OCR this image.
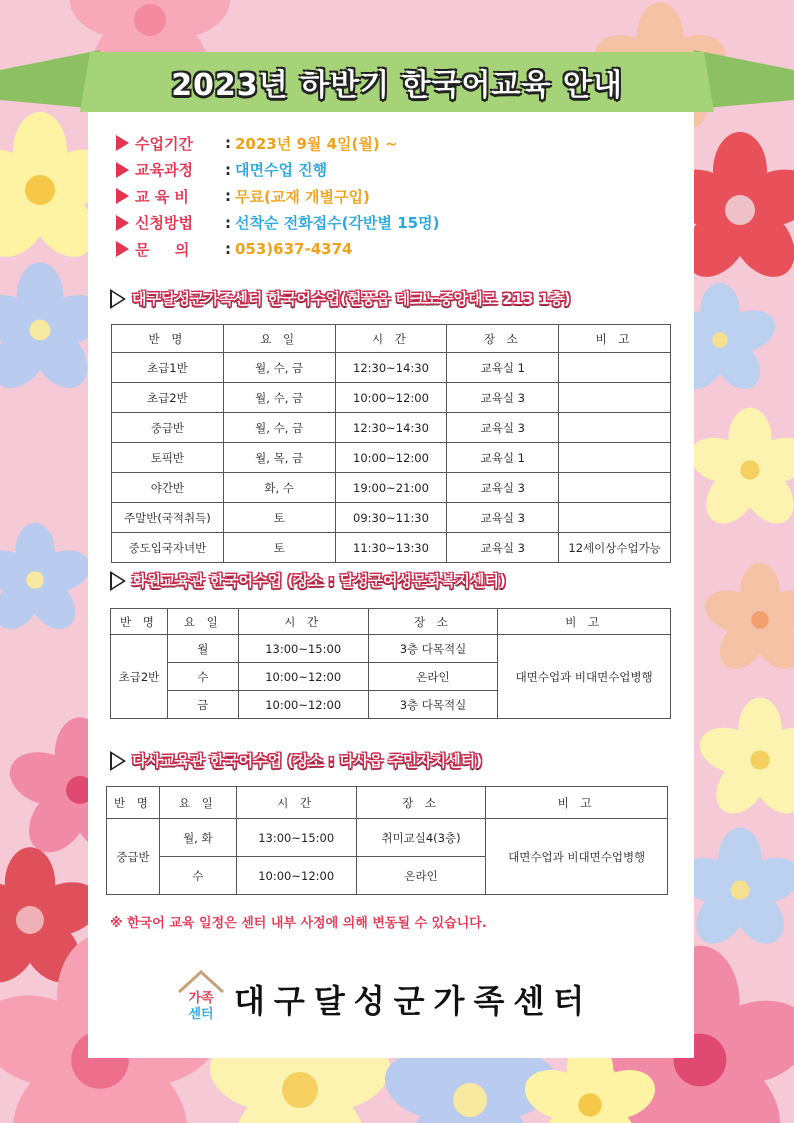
2023년 하반기 한국어교육 안내
수업기간	: 2023년 9월 4일(월) ~
교육과정	: 대면수업 진행
교 육 비	: 무료(교재 개별구입)
신청방법	: 선착순 전화접수(각반별 15명)
문 　 의	: 053)637-4374
대구달성군가족센터 한국어수업(현풍읍 테크노중앙대로 213 1층)
반 명	요 일	시 간	장 소	비 고
초급1반	월, 수, 금	12:30~14:30	교육실 1	
초급2반	월, 수, 금	10:00~12:00	교육실 3	
중급반	월, 수, 금	12:30~14:30	교육실 3	
토픽반	월, 목, 금	10:00~12:00	교육실 1	
야간반	화, 수	19:00~21:00	교육실 3	
주말반(국적취득)	토	09:30~11:30	교육실 3	
중도입국자녀반	토	11:30~13:30	교육실 3	12세이상수업가능
화원교육관 한국어수업 (장소 : 달성군여성문화복지센터)
반 명	요 일	시 간	장 소	비 고
초급2반	월	13:00~15:00	3층 다목적실	대면수업과 비대면수업병행
	수	10:00~12:00	온라인	
	금	10:00~12:00	3층 다목적실	
다사교육관 한국어수업 (장소 : 다사읍 주민자치센터)
반 명	요 일	시 간	장 소	비 고
중급반	월, 화	13:00~15:00	취미교실4(3층)	대면수업과 비대면수업병행
	수	10:00~12:00	온라인	
※ 한국어 교육 일정은 센터 내부 사정에 의해 변동될 수 있습니다.
가족
센터 대구달성군가족센터
